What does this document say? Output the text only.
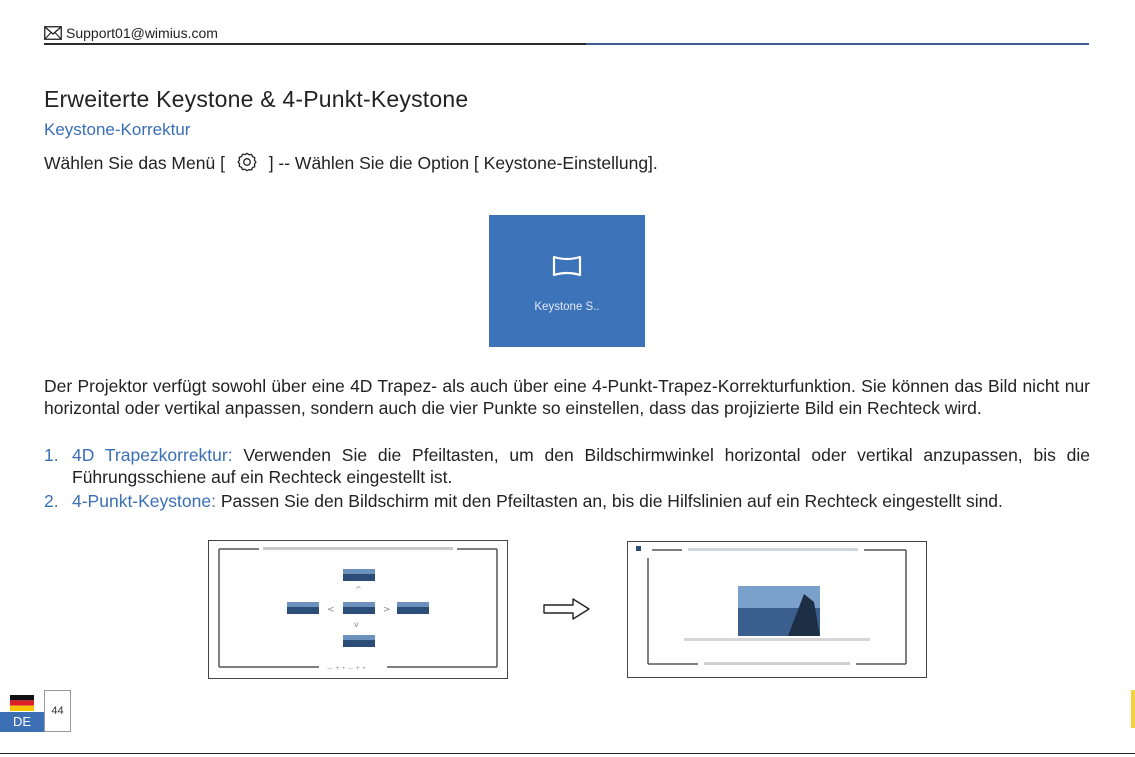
Support01@wimius.com
Erweiterte Keystone & 4-Punkt-Keystone
Keystone-Korrektur
Wählen Sie das Menü [	] -- Wählen Sie die Option [ Keystone-Einstellung].
Keystone S..
Der Projektor verfügt sowohl über eine 4D Trapez- als auch über eine 4-Punkt-Trapez-Korrekturfunktion. Sie können das Bild nicht nur horizontal oder vertikal anpassen, sondern auch die vier Punkte so einstellen, dass das projizierte Bild ein Rechteck wird.
1. 4D Trapezkorrektur: Verwenden Sie die Pfeiltasten, um den Bildschirmwinkel horizontal oder vertikal anzupassen, bis die Führungsschiene auf ein Rechteck eingestellt ist.
2. 4-Punkt-Keystone: Passen Sie den Bildschirm mit den Pfeiltasten an, bis die Hilfslinien auf ein Rechteck eingestellt sind.
— + • — + •
^
<	>
v
DE
44
